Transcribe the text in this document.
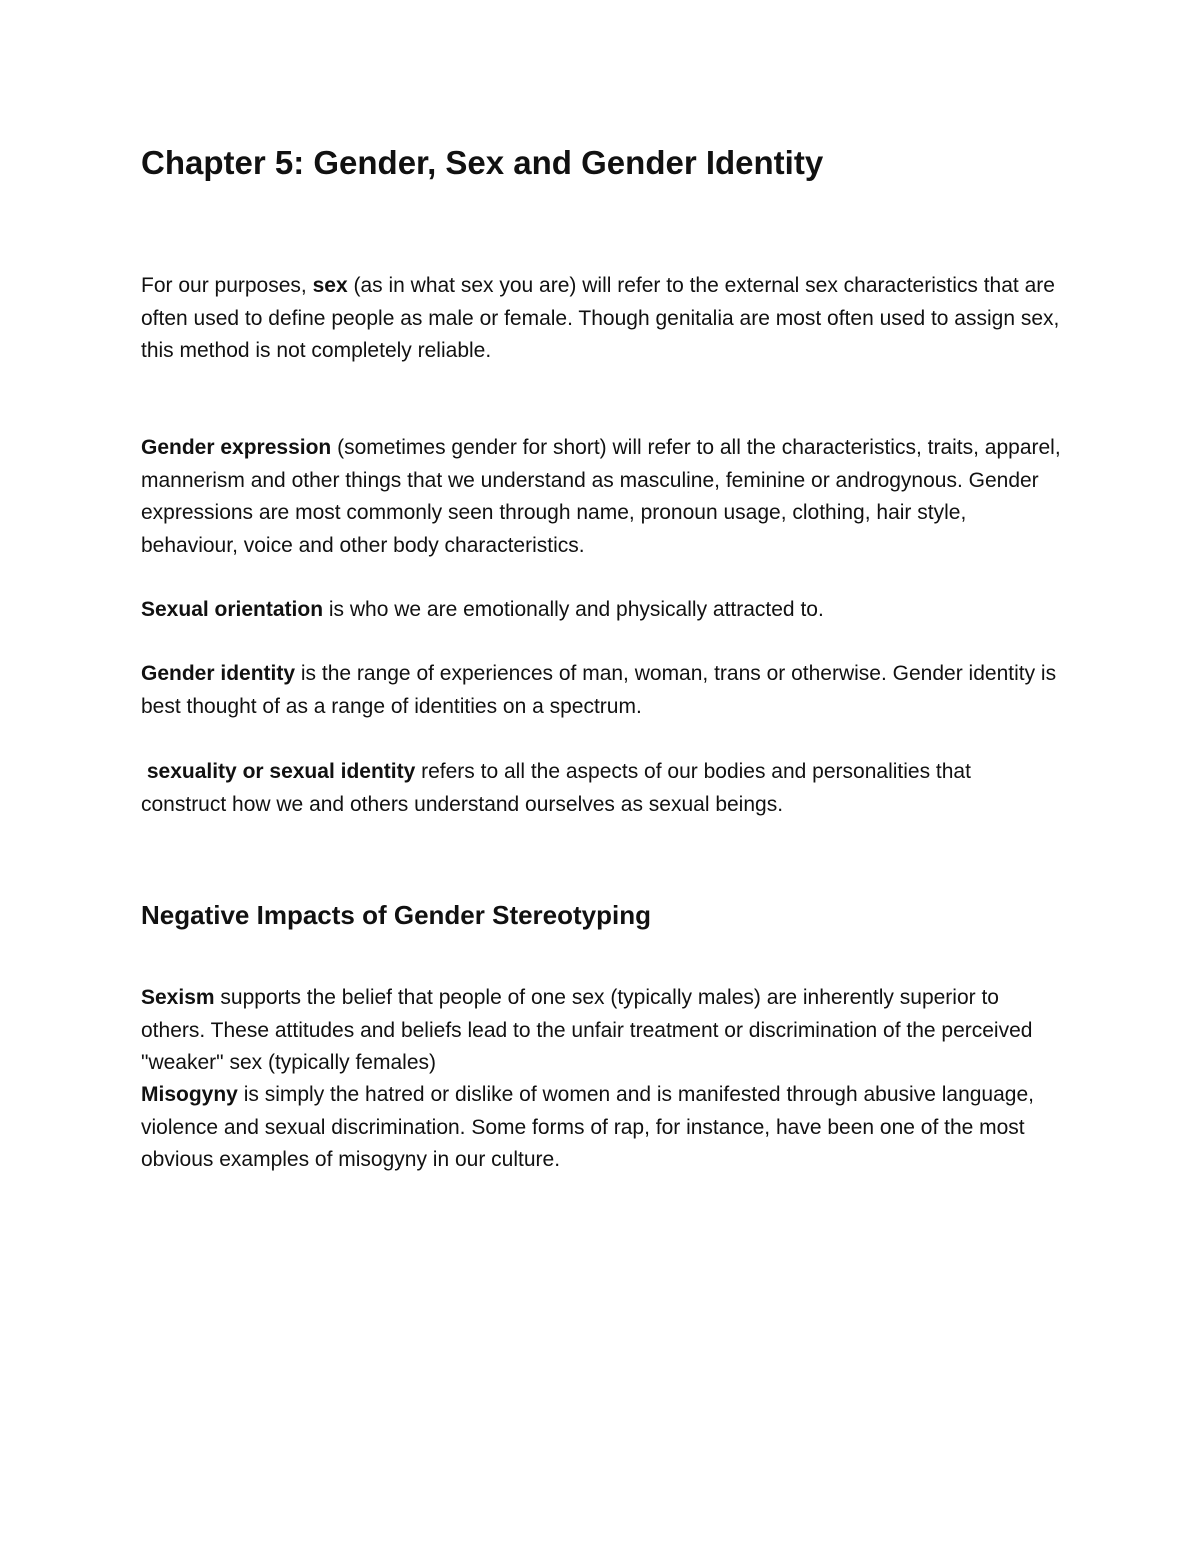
Chapter 5: Gender, Sex and Gender Identity

For our purposes, sex (as in what sex you are) will refer to the external sex characteristics that are often used to define people as male or female. Though genitalia are most often used to assign sex, this method is not completely reliable.

Gender expression (sometimes gender for short) will refer to all the characteristics, traits, apparel, mannerism and other things that we understand as masculine, feminine or androgynous. Gender expressions are most commonly seen through name, pronoun usage, clothing, hair style, behaviour, voice and other body characteristics.

Sexual orientation is who we are emotionally and physically attracted to.

Gender identity is the range of experiences of man, woman, trans or otherwise. Gender identity is best thought of as a range of identities on a spectrum.

sexuality or sexual identity refers to all the aspects of our bodies and personalities that construct how we and others understand ourselves as sexual beings.

Negative Impacts of Gender Stereotyping

Sexism supports the belief that people of one sex (typically males) are inherently superior to others. These attitudes and beliefs lead to the unfair treatment or discrimination of the perceived "weaker" sex (typically females)

Misogyny is simply the hatred or dislike of women and is manifested through abusive language, violence and sexual discrimination. Some forms of rap, for instance, have been one of the most obvious examples of misogyny in our culture.
